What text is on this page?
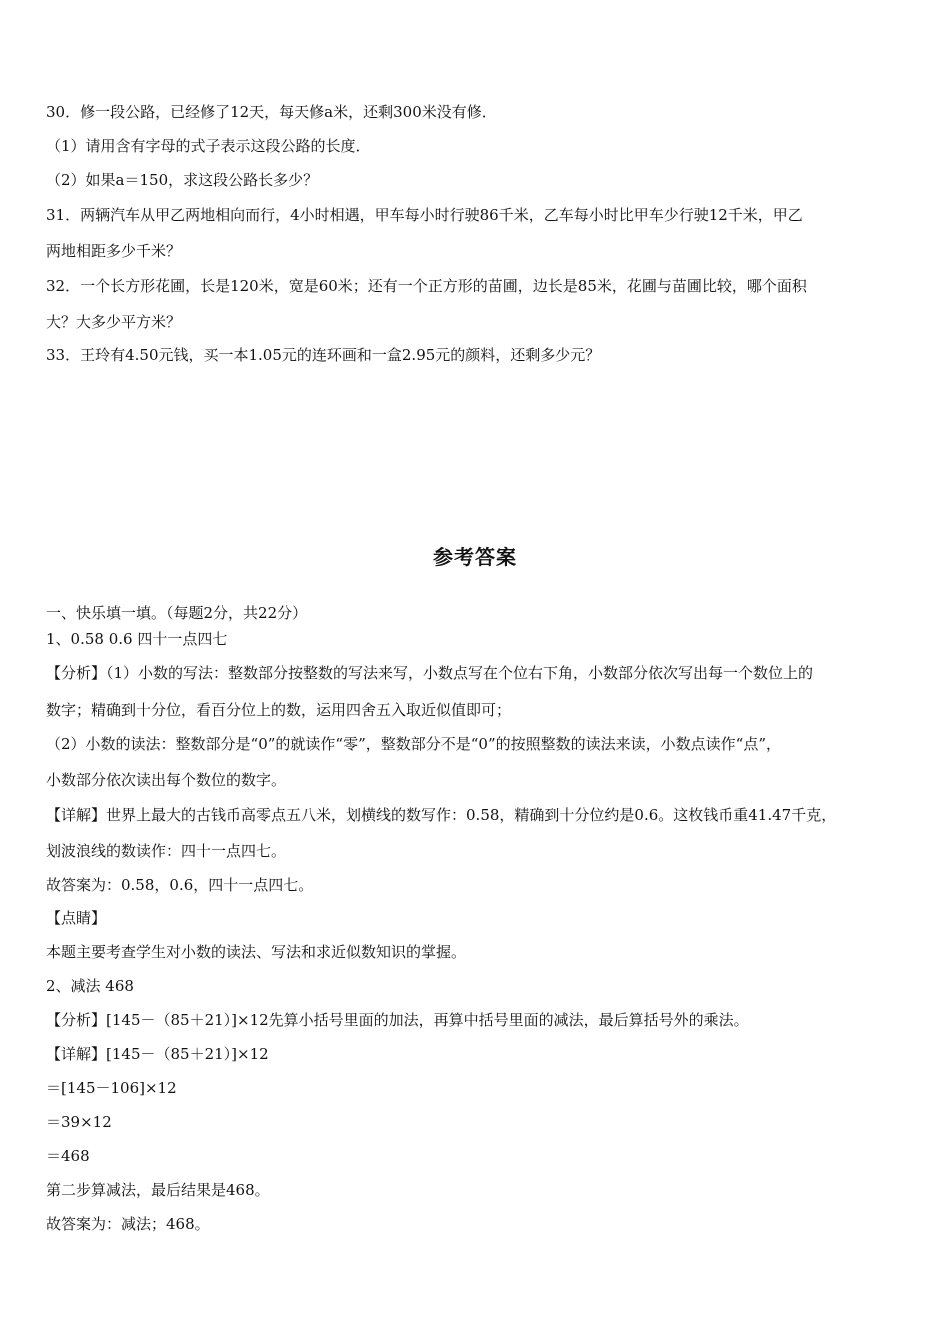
30．修一段公路，已经修了12天，每天修a米，还剩300米没有修．
（1）请用含有字母的式子表示这段公路的长度．
（2）如果a＝150，求这段公路长多少？
31．两辆汽车从甲乙两地相向而行，4小时相遇，甲车每小时行驶86千米，乙车每小时比甲车少行驶12千米，甲乙
两地相距多少千米？
32．一个长方形花圃，长是120米，宽是60米；还有一个正方形的苗圃，边长是85米，花圃与苗圃比较，哪个面积
大？大多少平方米？
33．王玲有4.50元钱，买一本1.05元的连环画和一盒2.95元的颜料，还剩多少元？
参考答案
一、快乐填一填。（每题2分，共22分）
1、0.58 0.6 四十一点四七
【分析】（1）小数的写法：整数部分按整数的写法来写，小数点写在个位右下角，小数部分依次写出每一个数位上的
数字；精确到十分位，看百分位上的数，运用四舍五入取近似值即可；
（2）小数的读法：整数部分是“0”的就读作“零”，整数部分不是“0”的按照整数的读法来读，小数点读作“点”，
小数部分依次读出每个数位的数字。
【详解】世界上最大的古钱币高零点五八米，划横线的数写作：0.58，精确到十分位约是0.6。这枚钱币重41.47千克，
划波浪线的数读作：四十一点四七。
故答案为：0.58，0.6，四十一点四七。
【点睛】
本题主要考查学生对小数的读法、写法和求近似数知识的掌握。
2、减法 468
【分析】[145－（85＋21）]×12先算小括号里面的加法，再算中括号里面的减法，最后算括号外的乘法。
【详解】[145－（85＋21）]×12
＝[145－106]×12
＝39×12
＝468
第二步算减法，最后结果是468。
故答案为：减法；468。
